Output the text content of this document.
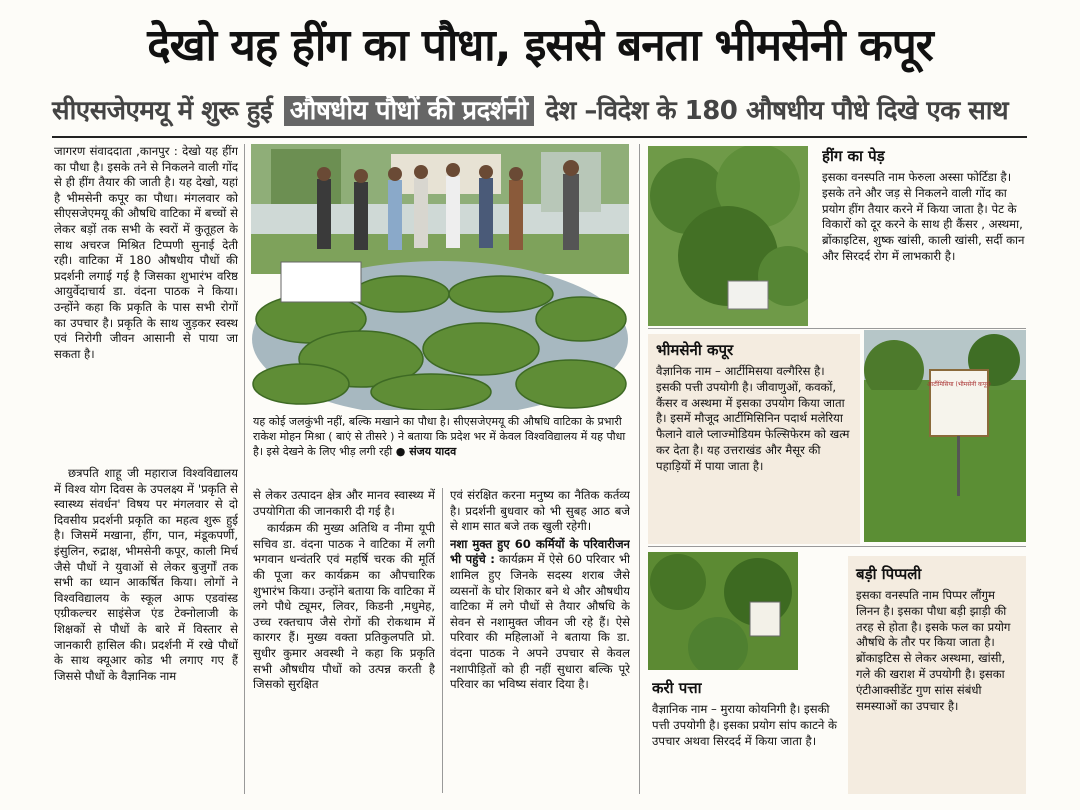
देखो यह हींग का पौधा, इससे बनता भीमसेनी कपूर
सीएसजेएमयू में शुरू हुई औषधीय पौधों की प्रदर्शनी देश –विदेश के 180 औषधीय पौधे दिखे एक साथ

जागरण संवाददाता ,कानपुर : देखो यह हींग का पौधा है। इसके तने से निकलने वाली गोंद से ही हींग तैयार की जाती है। यह देखो, यहां है भीमसेनी कपूर का पौधा। मंगलवार को सीएसजेएमयू की औषधि वाटिका में बच्चों से लेकर बड़ों तक सभी के स्वरों में कुतूहल के साथ अचरज मिश्रित टिप्पणी सुनाई देती रही। वाटिका में 180 औषधीय पौधों की प्रदर्शनी लगाई गई है जिसका शुभारंभ वरिष्ठ आयुर्वेदाचार्य डा. वंदना पाठक ने किया। उन्होंने कहा कि प्रकृति के पास सभी रोगों का उपचार है। प्रकृति के साथ जुड़कर स्वस्थ एवं निरोगी जीवन आसानी से पाया जा सकता है।

छत्रपति शाहू जी महाराज विश्वविद्यालय में विश्व योग दिवस के उपलक्ष्य में 'प्रकृति से स्वास्थ्य संवर्धन' विषय पर मंगलवार से दो दिवसीय प्रदर्शनी प्रकृति का महत्व शुरू हुई है। जिसमें मखाना, हींग, पान, मंडूकपर्णी, इंसुलिन, रुद्राक्ष, भीमसेनी कपूर, काली मिर्च जैसे पौधों ने युवाओं से लेकर बुजुर्गों तक सभी का ध्यान आकर्षित किया। लोगों ने विश्वविद्यालय के स्कूल आफ एडवांस्ड एग्रीकल्चर साइंसेज एंड टेक्नोलाजी के शिक्षकों से पौधों के बारे में विस्तार से जानकारी हासिल की। प्रदर्शनी में रखे पौधों के साथ क्यूआर कोड भी लगाए गए हैं जिससे पौधों के वैज्ञानिक नाम

यह कोई जलकुंभी नहीं, बल्कि मखाने का पौधा है। सीएसजेएमयू की औषधि वाटिका के प्रभारी राकेश मोहन मिश्रा ( बाएं से तीसरे ) ने बताया कि प्रदेश भर में केवल विश्वविद्यालय में यह पौधा है। इसे देखने के लिए भीड़ लगी रही ● संजय यादव

से लेकर उत्पादन क्षेत्र और मानव स्वास्थ्य में उपयोगिता की जानकारी दी गई है।

कार्यक्रम की मुख्य अतिथि व नीमा यूपी सचिव डा. वंदना पाठक ने वाटिका में लगी भगवान धन्वंतरि एवं महर्षि चरक की मूर्ति की पूजा कर कार्यक्रम का औपचारिक शुभारंभ किया। उन्होंने बताया कि वाटिका में लगे पौधे ट्यूमर, लिवर, किडनी ,मधुमेह, उच्च रक्तचाप जैसे रोगों की रोकथाम में कारगर हैं। मुख्य वक्ता प्रतिकुलपति प्रो. सुधीर कुमार अवस्थी ने कहा कि प्रकृति सभी औषधीय पौधों को उत्पन्न करती है जिसको सुरक्षित

एवं संरक्षित करना मनुष्य का नैतिक कर्तव्य है। प्रदर्शनी बुधवार को भी सुबह आठ बजे से शाम सात बजे तक खुली रहेगी।

नशा मुक्त हुए 60 कर्मियों के परिवारीजन भी पहुंचे : कार्यक्रम में ऐसे 60 परिवार भी शामिल हुए जिनके सदस्य शराब जैसे व्यसनों के घोर शिकार बने थे और औषधीय वाटिका में लगे पौधों से तैयार औषधि के सेवन से नशामुक्त जीवन जी रहे हैं। ऐसे परिवार की महिलाओं ने बताया कि डा. वंदना पाठक ने अपने उपचार से केवल नशापीड़ितों को ही नहीं सुधारा बल्कि पूरे परिवार का भविष्य संवार दिया है।

हींग का पेड़
इसका वनस्पति नाम फेरुला अस्सा फोर्टिडा है। इसके तने और जड़ से निकलने वाली गोंद का प्रयोग हींग तैयार करने में किया जाता है। पेट के विकारों को दूर करने के साथ ही कैंसर , अस्थमा, ब्रोंकाइटिस, शुष्क खांसी, काली खांसी, सर्दी कान और सिरदर्द रोग में लाभकारी है।
भीमसेनी कपूर
वैज्ञानिक नाम – आर्टीमिसया वल्गैरिस है। इसकी पत्ती उपयोगी है। जीवाणुओं, कवकों, कैंसर व अस्थमा में इसका उपयोग किया जाता है। इसमें मौजूद आर्टीमिसिनिन पदार्थ मलेरिया फैलाने वाले प्लाज्मोडियम फेल्सिफेरम को खत्म कर देता है। यह उत्तराखंड और मैसूर की पहाड़ियों में पाया जाता है।
आर्टीमिसिया (भीमसेनी कपूर)
करी पत्ता
वैज्ञानिक नाम – मुराया कोयनिगी है। इसकी पत्ती उपयोगी है। इसका प्रयोग सांप काटने के उपचार अथवा सिरदर्द में किया जाता है।
बड़ी पिप्पली
इसका वनस्पति नाम पिप्पर लौंगुम लिनन है। इसका पौधा बड़ी झाड़ी की तरह से होता है। इसके फल का प्रयोग औषधि के तौर पर किया जाता है। ब्रोंकाइटिस से लेकर अस्थमा, खांसी, गले की खराश में उपयोगी है। इसका एंटीआक्सीडेंट गुण सांस संबंधी समस्याओं का उपचार है।
